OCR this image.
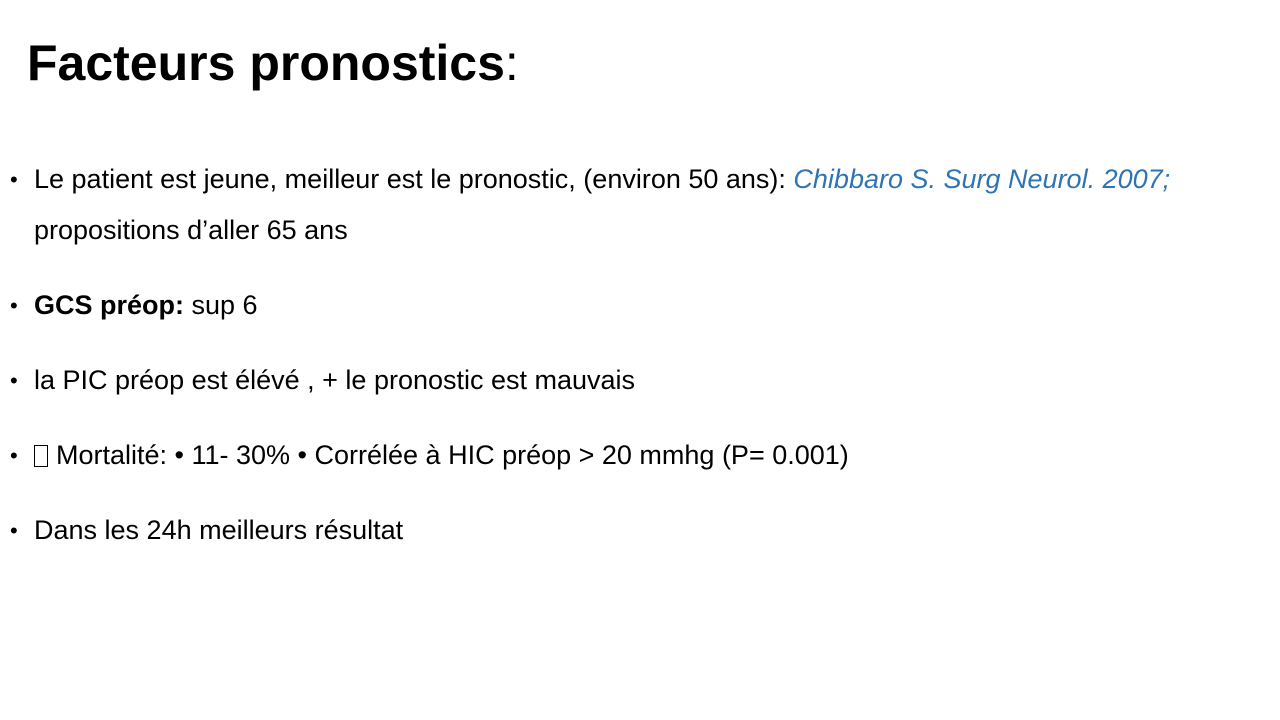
Facteurs pronostics:
• Le patient est jeune, meilleur est le pronostic, (environ 50 ans): Chibbaro S. Surg Neurol. 2007; propositions d’aller 65 ans
• GCS préop: sup 6
• la PIC préop est élévé , + le pronostic est mauvais
• Mortalité: • 11- 30% • Corrélée à HIC préop > 20 mmhg (P= 0.001)
• Dans les 24h meilleurs résultat
